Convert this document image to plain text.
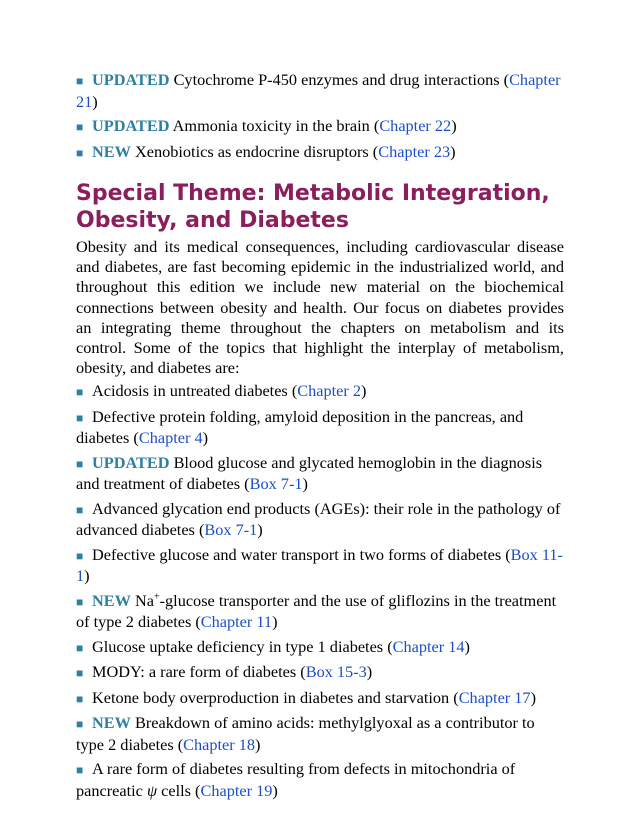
■ UPDATED Cytochrome P-450 enzymes and drug interactions (Chapter 21)
■ UPDATED Ammonia toxicity in the brain (Chapter 22)
■ NEW Xenobiotics as endocrine disruptors (Chapter 23)
Special Theme: Metabolic Integration, Obesity, and Diabetes
Obesity and its medical consequences, including cardiovascular disease and diabetes, are fast becoming epidemic in the industrialized world, and throughout this edition we include new material on the biochemical connections between obesity and health. Our focus on diabetes provides an integrating theme throughout the chapters on metabolism and its control. Some of the topics that highlight the interplay of metabolism, obesity, and diabetes are:
■ Acidosis in untreated diabetes (Chapter 2)
■ Defective protein folding, amyloid deposition in the pancreas, and diabetes (Chapter 4)
■ UPDATED Blood glucose and glycated hemoglobin in the diagnosis and treatment of diabetes (Box 7-1)
■ Advanced glycation end products (AGEs): their role in the pathology of advanced diabetes (Box 7-1)
■ Defective glucose and water transport in two forms of diabetes (Box 11-1)
■ NEW Na+-glucose transporter and the use of gliflozins in the treatment of type 2 diabetes (Chapter 11)
■ Glucose uptake deficiency in type 1 diabetes (Chapter 14)
■ MODY: a rare form of diabetes (Box 15-3)
■ Ketone body overproduction in diabetes and starvation (Chapter 17)
■ NEW Breakdown of amino acids: methylglyoxal as a contributor to type 2 diabetes (Chapter 18)
■ A rare form of diabetes resulting from defects in mitochondria of pancreatic ψ cells (Chapter 19)
